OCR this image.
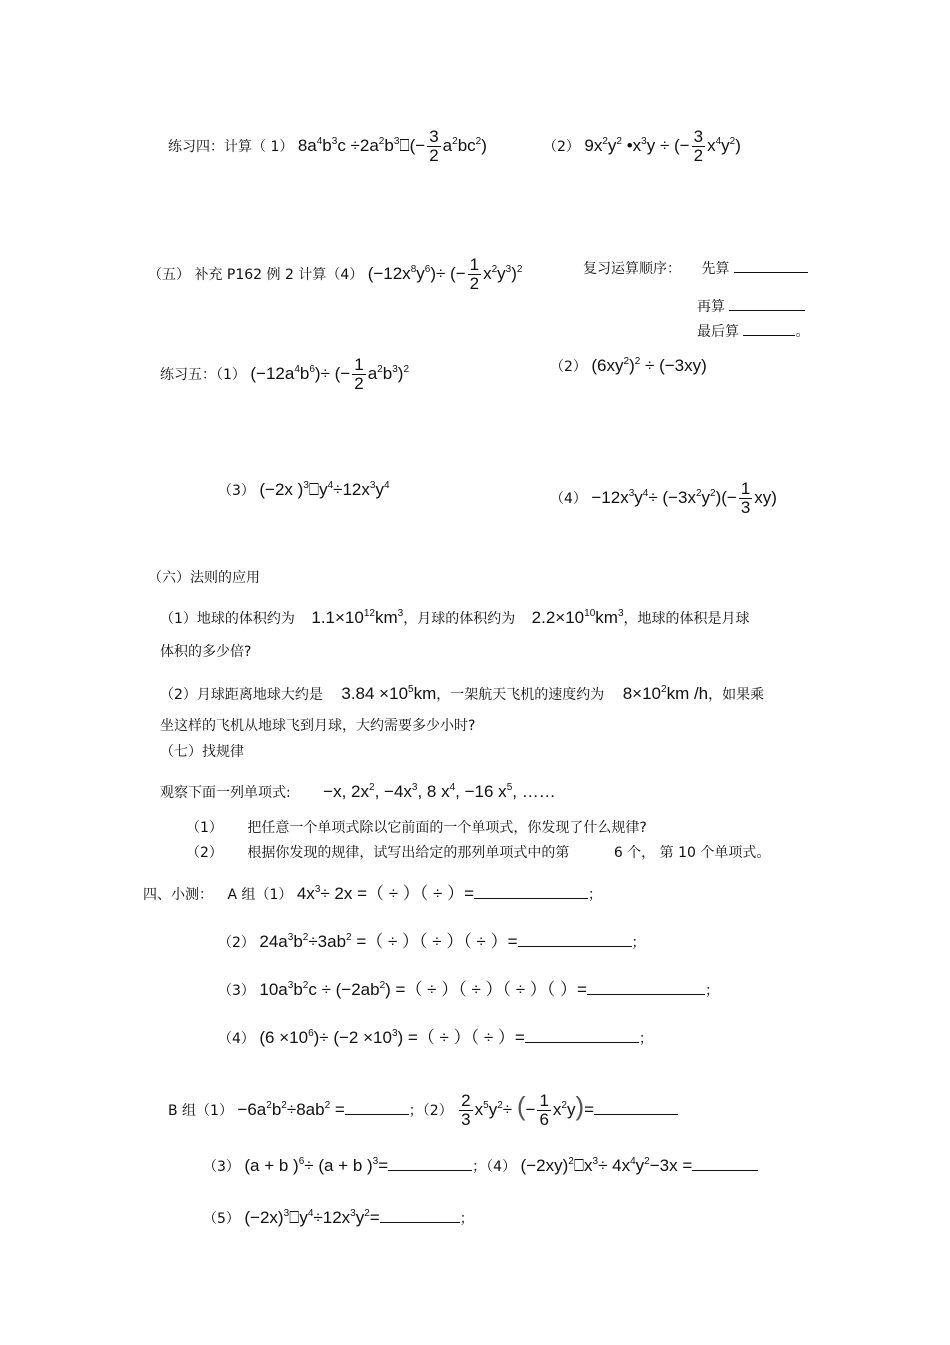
练习四：计算（ 1） $8a^4b^3c$ $\div 2a^2b^3⎕(- \frac{3}{2} a^2bc^2)$	（2） $9x^2y^2$ $•x^3y$ ÷ (− $\frac{3}{2} x^4y^2$)
（五） 补充 P162 例 2 计算（4） $(-12x^8y^6)\div$ (− $\frac{1}{2} x^2y^3)^2$	复习运算顺序： 先算
再算
最后算	。
练习五：（1） $(-12a^4b^6)\div$ (− $\frac{1}{2} a^2b^3)^2$	（2） $(6xy^2)^2 \div (-3xy)$
（3） (−2x )$^3⎕y^4\div 12x^3y^4$
$(4) -12x^3y^4\div (-3x^2y^2)(- \frac{1}{3} xy)$
（六）法则的应用
（1）地球的体积约为 $1.1\times 10^{12}km^3$，月球的体积约为 $2.2\times 10^{10}km^3$，地球的体积是月球
体积的多少倍?
（2）月球距离地球大约是 $3.84 \times 10^5km$，一架航天飞机的速度约为 $8\times 10^2km$ /h，如果乘
坐这样的飞机从地球飞到月球，大约需要多少小时?
（七）找规律
观察下面一列单项式: −x, $2x^2$, $-4x^3$, 8 $x^4$, −16 $x^5$, ……
（1） 把任意一个单项式除以它前面的一个单项式，你发现了什么规律?
（2） 根据你发现的规律，试写出给定的那列单项式中的第	6 个， 第 10 个单项式。
四、小测： A 组（1） $4x^3\div 2x$ =（ ÷ ）（ ÷ ）=	；
（2） $24a^3b^2\div 3ab^2$ =（ ÷ ）（ ÷ ）（ ÷ ）=	；
（3） $10a^3b^2c \div (-2ab^2)$ =（ ÷ ）（ ÷ ）（ ÷ ）（ ）=	；
（4） $(6 \times 10^6)\div (-2 \times 10^3)$ =（ ÷ ）（ ÷ ）=	；
B 组$(1) -6a^2b^2\div 8ab^2$ =	；$(2) \frac{2}{3} x^5y^2\div$ (− $\frac{1}{6} x^2y)=$
（3） (a + b )$^6$÷ (a + b )$^3$=	；（4） $(-2xy)^2⎕x^3\div 4x^4y^2-3x$ =
（5） $(-2x)^3⎕y^4\div 12x^3y^2=$	；
